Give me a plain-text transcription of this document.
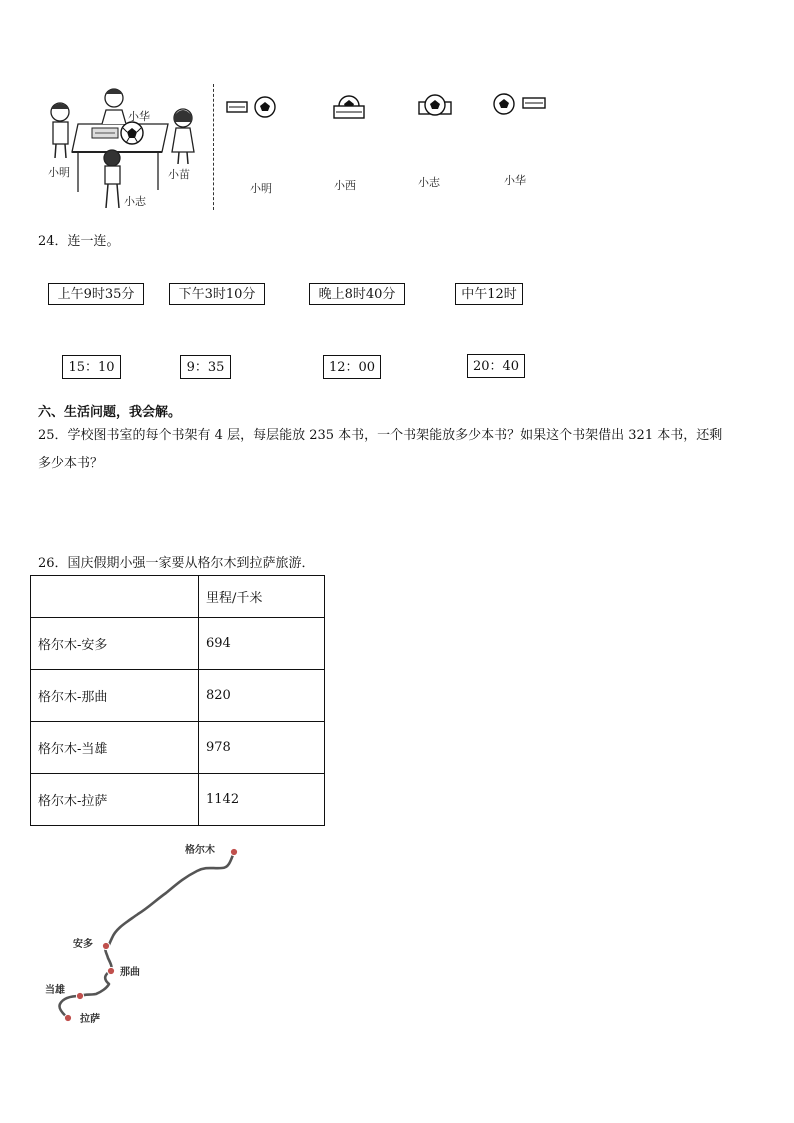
小华
小明	小苗
小志
小明	小西	小志	小华
24．连一连。
上午9时35分	下午3时10分	晚上8时40分	中午12时
15：10	9：35	12：00	20：40
六、生活问题，我会解。
25．学校图书室的每个书架有 4 层，每层能放 235 本书，一个书架能放多少本书？如果这个书架借出 321 本书，还剩
多少本书？
26．国庆假期小强一家要从格尔木到拉萨旅游．
	里程/千米
格尔木-安多	694
格尔木-那曲	820
格尔木-当雄	978
格尔木-拉萨	1142
格尔木
安多
那曲
当雄
拉萨
